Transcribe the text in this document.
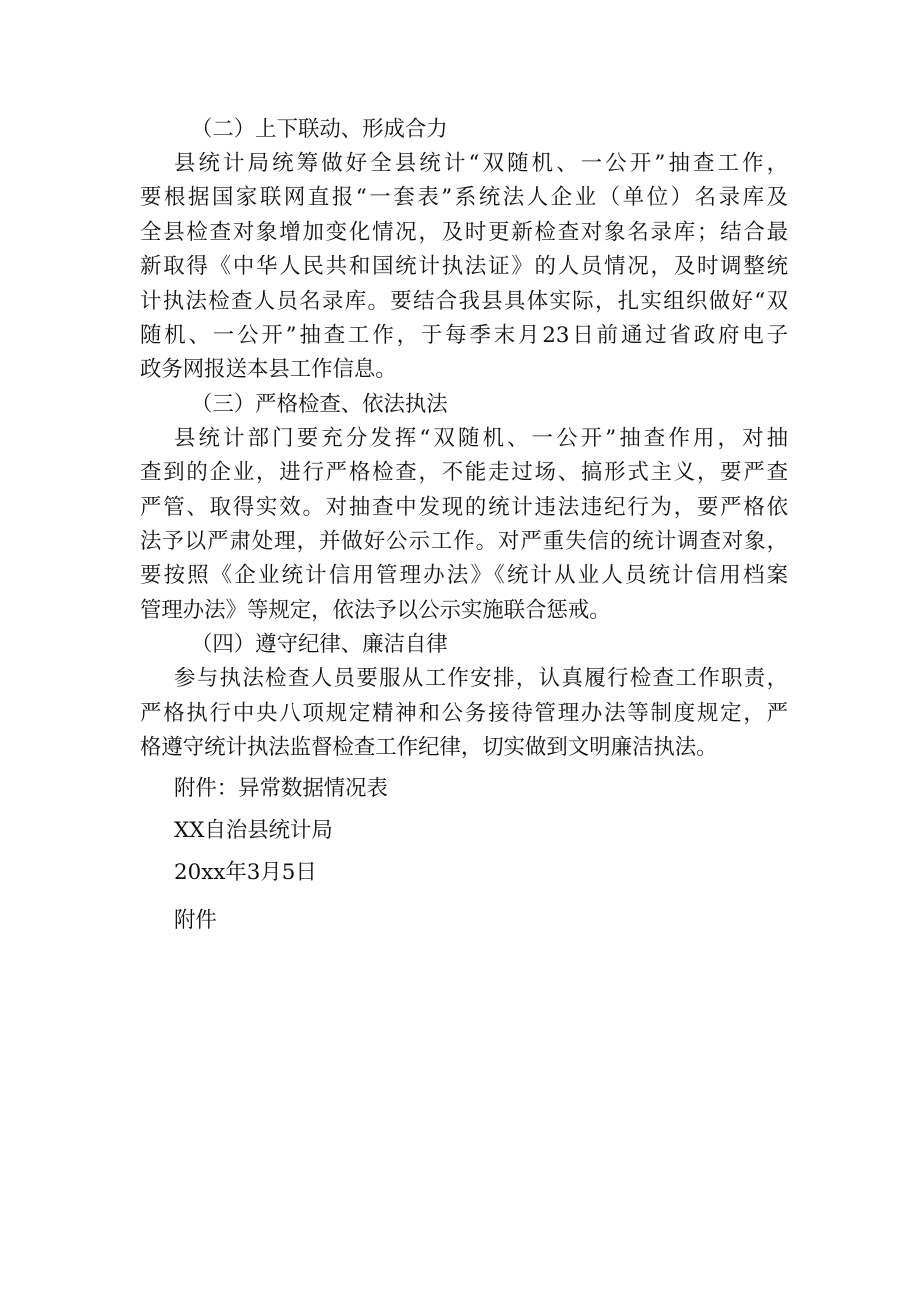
（二）上下联动、形成合力

县统计局统筹做好全县统计“双随机、一公开”抽查工作，
要根据国家联网直报“一套表”系统法人企业（单位）名录库及
全县检查对象增加变化情况，及时更新检查对象名录库；结合最
新取得《中华人民共和国统计执法证》的人员情况，及时调整统
计执法检查人员名录库。要结合我县具体实际，扎实组织做好“双
随机、一公开”抽查工作，于每季末月23日前通过省政府电子
政务网报送本县工作信息。

（三）严格检查、依法执法

县统计部门要充分发挥“双随机、一公开”抽查作用，对抽
查到的企业，进行严格检查，不能走过场、搞形式主义，要严查
严管、取得实效。对抽查中发现的统计违法违纪行为，要严格依
法予以严肃处理，并做好公示工作。对严重失信的统计调查对象，
要按照《企业统计信用管理办法》《统计从业人员统计信用档案
管理办法》等规定，依法予以公示实施联合惩戒。

（四）遵守纪律、廉洁自律

参与执法检查人员要服从工作安排，认真履行检查工作职责，
严格执行中央八项规定精神和公务接待管理办法等制度规定，严
格遵守统计执法监督检查工作纪律，切实做到文明廉洁执法。

附件：异常数据情况表

XX自治县统计局

20xx年3月5日

附件
